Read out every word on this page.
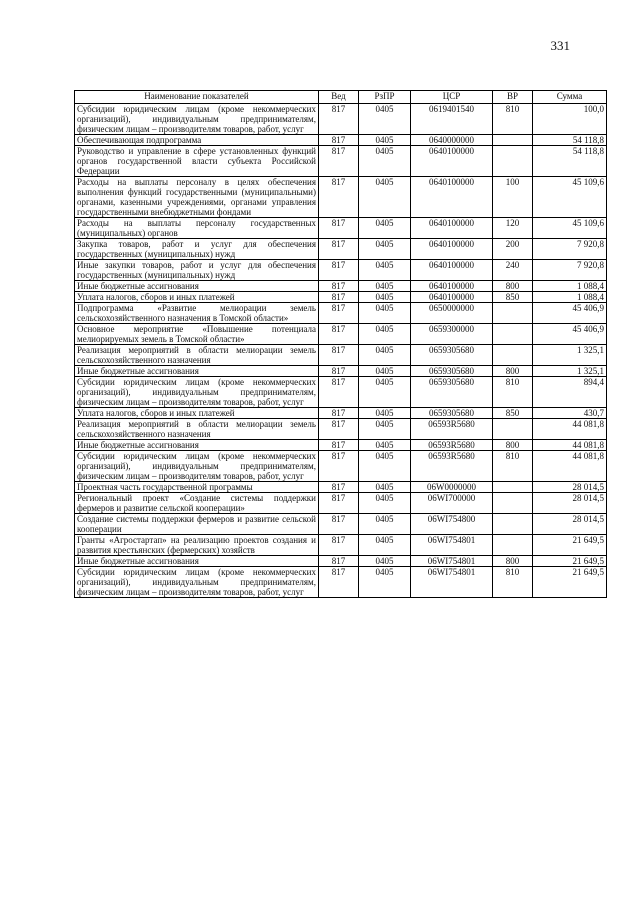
331
Наименование показателей	Вед	РзПР	ЦСР	ВР	Сумма
Субсидии юридическим лицам (кроме некоммерческих организаций), индивидуальным предпринимателям, физическим лицам – производителям товаров, работ, услуг	817	0405	0619401540	810	100,0
Обеспечивающая подпрограмма	817	0405	0640000000		54 118,8
Руководство и управление в сфере установленных функций органов государственной власти субъекта Российской Федерации	817	0405	0640100000		54 118,8
Расходы на выплаты персоналу в целях обеспечения выполнения функций государственными (муниципальными) органами, казенными учреждениями, органами управления государственными внебюджетными фондами	817	0405	0640100000	100	45 109,6
Расходы на выплаты персоналу государственных (муниципальных) органов	817	0405	0640100000	120	45 109,6
Закупка товаров, работ и услуг для обеспечения государственных (муниципальных) нужд	817	0405	0640100000	200	7 920,8
Иные закупки товаров, работ и услуг для обеспечения государственных (муниципальных) нужд	817	0405	0640100000	240	7 920,8
Иные бюджетные ассигнования	817	0405	0640100000	800	1 088,4
Уплата налогов, сборов и иных платежей	817	0405	0640100000	850	1 088,4
Подпрограмма «Развитие мелиорации земель сельскохозяйственного назначения в Томской области»	817	0405	0650000000		45 406,9
Основное мероприятие «Повышение потенциала мелиорируемых земель в Томской области»	817	0405	0659300000		45 406,9
Реализация мероприятий в области мелиорации земель сельскохозяйственного назначения	817	0405	0659305680		1 325,1
Иные бюджетные ассигнования	817	0405	0659305680	800	1 325,1
Субсидии юридическим лицам (кроме некоммерческих организаций), индивидуальным предпринимателям, физическим лицам – производителям товаров, работ, услуг	817	0405	0659305680	810	894,4
Уплата налогов, сборов и иных платежей	817	0405	0659305680	850	430,7
Реализация мероприятий в области мелиорации земель сельскохозяйственного назначения	817	0405	06593R5680		44 081,8
Иные бюджетные ассигнования	817	0405	06593R5680	800	44 081,8
Субсидии юридическим лицам (кроме некоммерческих организаций), индивидуальным предпринимателям, физическим лицам – производителям товаров, работ, услуг	817	0405	06593R5680	810	44 081,8
Проектная часть государственной программы	817	0405	06W0000000		28 014,5
Региональный проект «Создание системы поддержки фермеров и развитие сельской кооперации»	817	0405	06WI700000		28 014,5
Создание системы поддержки фермеров и развитие сельской кооперации	817	0405	06WI754800		28 014,5
Гранты «Агростартап» на реализацию проектов создания и развития крестьянских (фермерских) хозяйств	817	0405	06WI754801		21 649,5
Иные бюджетные ассигнования	817	0405	06WI754801	800	21 649,5
Субсидии юридическим лицам (кроме некоммерческих организаций), индивидуальным предпринимателям, физическим лицам – производителям товаров, работ, услуг	817	0405	06WI754801	810	21 649,5
